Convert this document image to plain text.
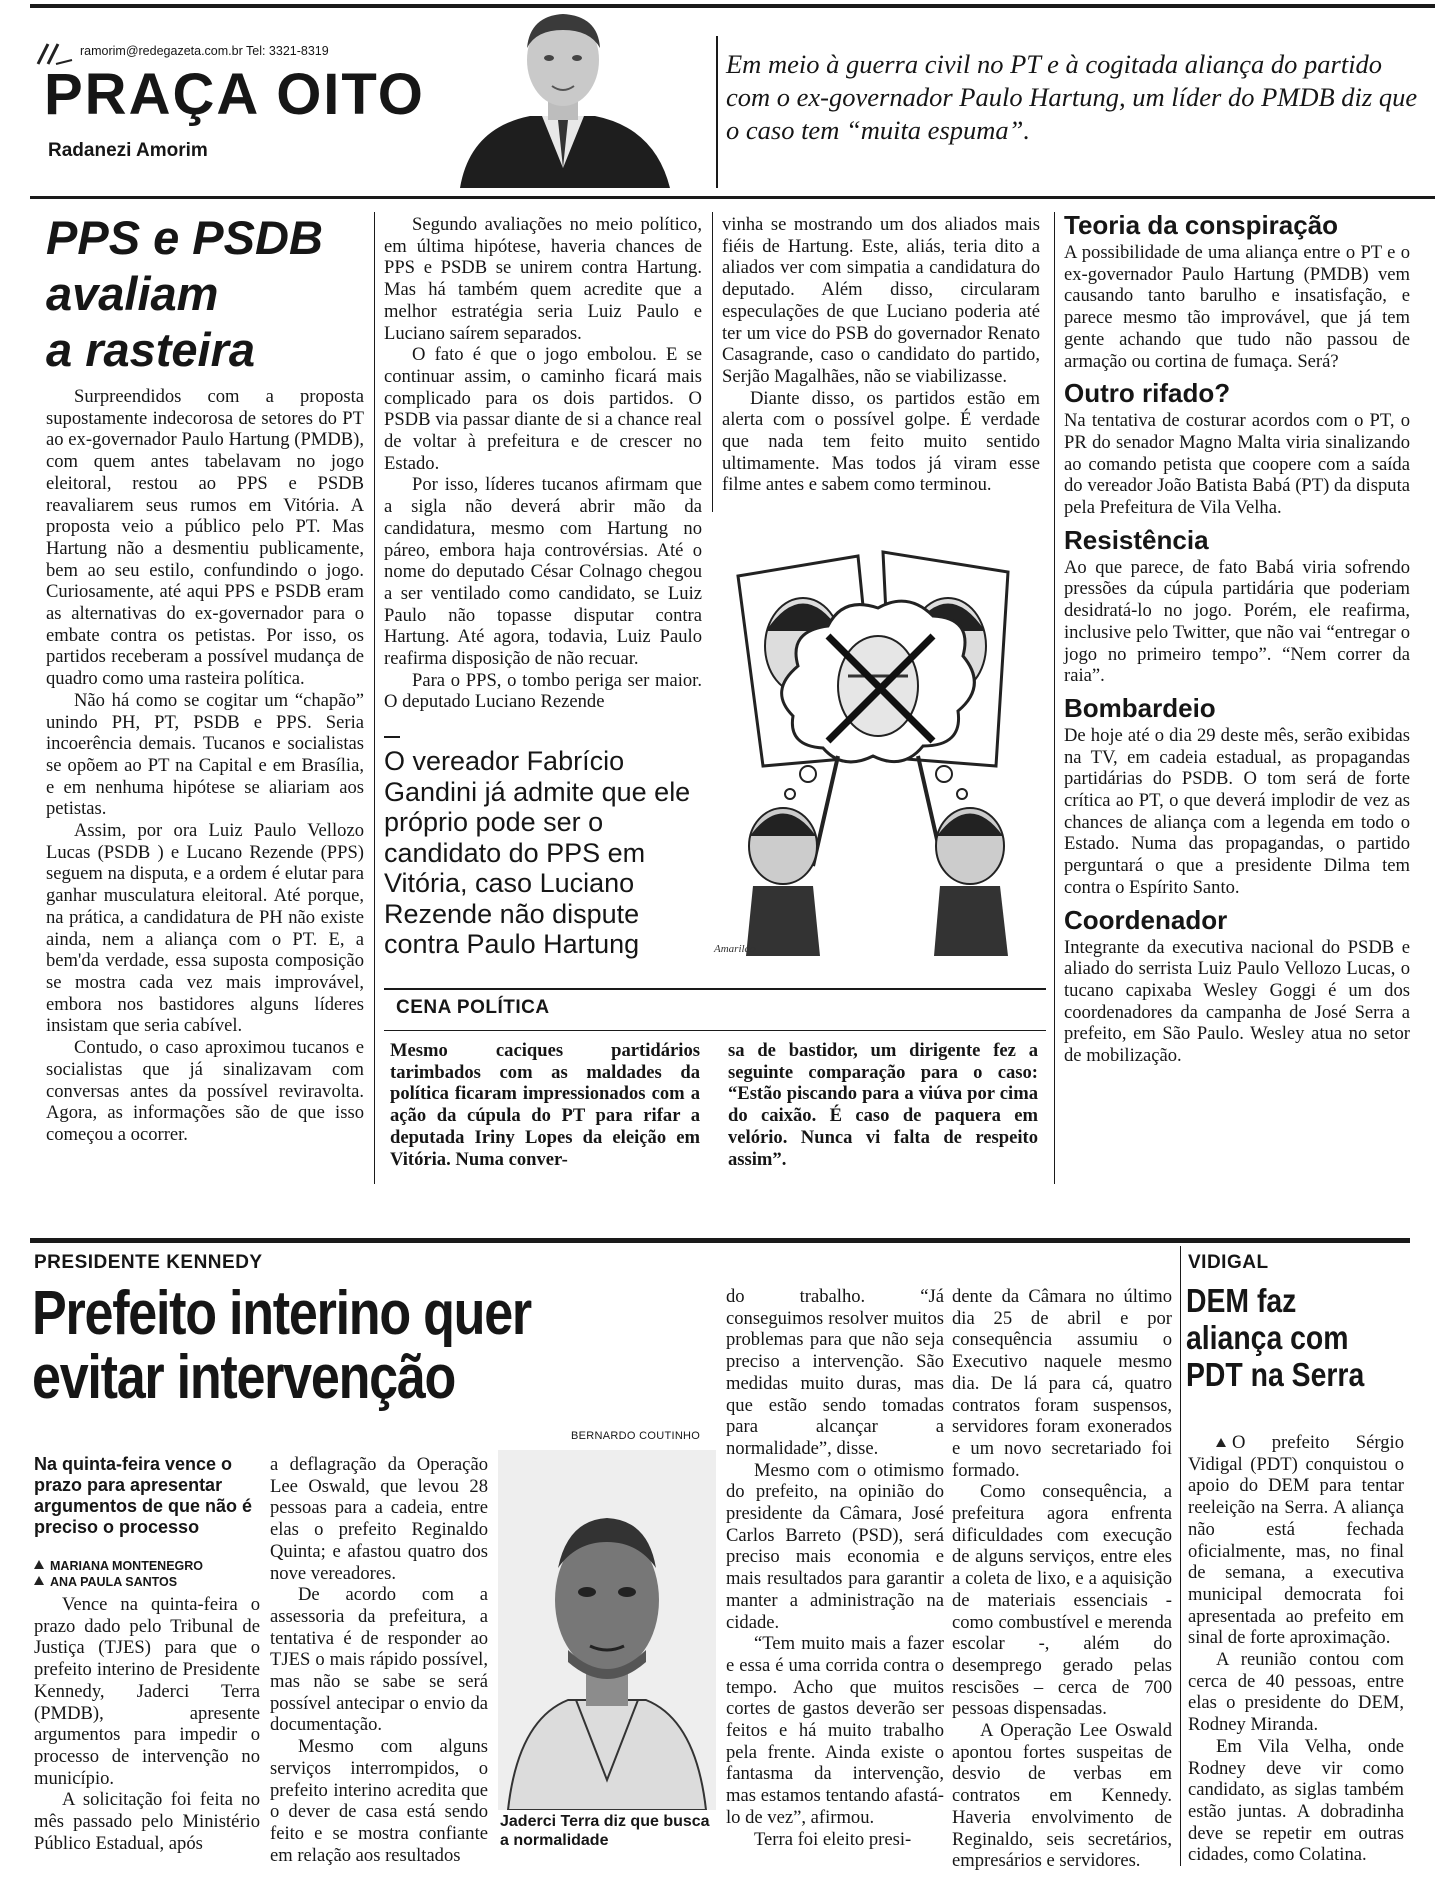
ramorim@redegazeta.com.br Tel: 3321-8319
PRAÇA OITO
Radanezi Amorim
Em meio à guerra civil no PT e à cogitada aliança do partido com o ex-governador Paulo Hartung, um líder do PMDB diz que o caso tem “muita espuma”.
PPS e PSDB
avaliam
a rasteira

Surpreendidos com a proposta supostamente indecorosa de setores do PT ao ex-governador Paulo Hartung (PMDB), com quem antes tabelavam no jogo eleitoral, restou ao PPS e PSDB reavaliarem seus rumos em Vitória. A proposta veio a público pelo PT. Mas Hartung não a desmentiu publicamente, bem ao seu estilo, confundindo o jogo. Curiosamente, até aqui PPS e PSDB eram as alternativas do ex-governador para o embate contra os petistas. Por isso, os partidos receberam a possível mudança de quadro como uma rasteira política.

Não há como se cogitar um “chapão” unindo PH, PT, PSDB e PPS. Seria incoerência demais. Tucanos e socialistas se opõem ao PT na Capital e em Brasília, e em nenhuma hipótese se aliariam aos petistas.

Assim, por ora Luiz Paulo Vellozo Lucas (PSDB ) e Lucano Rezende (PPS) seguem na disputa, e a ordem é elutar para ganhar musculatura eleitoral. Até porque, na prática, a candidatura de PH não existe ainda, nem a aliança com o PT. E, a bem'da verdade, essa suposta composição se mostra cada vez mais improvável, embora nos bastidores alguns líderes insistam que seria cabível.

Contudo, o caso aproximou tucanos e socialistas que já sinalizavam com conversas antes da possível reviravolta. Agora, as informações são de que isso começou a ocorrer.

Segundo avaliações no meio político, em última hipótese, haveria chances de PPS e PSDB se unirem contra Hartung. Mas há também quem acredite que a melhor estratégia seria Luiz Paulo e Luciano saírem separados.

O fato é que o jogo embolou. E se continuar assim, o caminho ficará mais complicado para os dois partidos. O PSDB via passar diante de si a chance real de voltar à prefeitura e de crescer no Estado.

Por isso, líderes tucanos afirmam que a sigla não deverá abrir mão da candidatura, mesmo com Hartung no páreo, embora haja controvérsias. Até o nome do deputado César Colnago chegou a ser ventilado como candidato, se Luiz Paulo não topasse disputar contra Hartung. Até agora, todavia, Luiz Paulo reafirma disposição de não recuar.

Para o PPS, o tombo periga ser maior. O deputado Luciano Rezende

vinha se mostrando um dos aliados mais fiéis de Hartung. Este, aliás, teria dito a aliados ver com simpatia a candidatura do deputado. Além disso, circularam especulações de que Luciano poderia até ter um vice do PSB do governador Renato Casagrande, caso o candidato do partido, Serjão Magalhães, não se viabilizasse.

Diante disso, os partidos estão em alerta com o possível golpe. É verdade que nada tem feito muito sentido ultimamente. Mas todos já viram esse filme antes e sabem como terminou.

O vereador Fabrício Gandini já admite que ele próprio pode ser o candidato do PPS em Vitória, caso Luciano Rezende não dispute contra Paulo Hartung	Amarildo
CENA POLÍTICA
Mesmo caciques partidários tarimbados com as maldades da política ficaram impressionados com a ação da cúpula do PT para rifar a deputada Iriny Lopes da eleição em Vitória. Numa conver-
sa de bastidor, um dirigente fez a seguinte comparação para o caso: “Estão piscando para a viúva por cima do caixão. É caso de paquera em velório. Nunca vi falta de respeito assim”.
Teoria da conspiração
A possibilidade de uma aliança entre o PT e o ex-governador Paulo Hartung (PMDB) vem causando tanto barulho e insatisfação, e parece mesmo tão improvável, que já tem gente achando que tudo não passou de armação ou cortina de fumaça. Será?
Outro rifado?
Na tentativa de costurar acordos com o PT, o PR do senador Magno Malta viria sinalizando ao comando petista que coopere com a saída do vereador João Batista Babá (PT) da disputa pela Prefeitura de Vila Velha.
Resistência
Ao que parece, de fato Babá viria sofrendo pressões da cúpula partidária que poderiam desidratá-lo no jogo. Porém, ele reafirma, inclusive pelo Twitter, que não vai “entregar o jogo no primeiro tempo”. “Nem correr da raia”.
Bombardeio
De hoje até o dia 29 deste mês, serão exibidas na TV, em cadeia estadual, as propagandas partidárias do PSDB. O tom será de forte crítica ao PT, o que deverá implodir de vez as chances de aliança com a legenda em todo o Estado. Numa das propagandas, o partido perguntará o que a presidente Dilma tem contra o Espírito Santo.
Coordenador
Integrante da executiva nacional do PSDB e aliado do serrista Luiz Paulo Vellozo Lucas, o tucano capixaba Wesley Goggi é um dos coordenadores da campanha de José Serra a prefeito, em São Paulo. Wesley atua no setor de mobilização.
PRESIDENTE KENNEDY
Prefeito interino quer
evitar intervenção
BERNARDO COUTINHO
Na quinta-feira vence o prazo para apresentar argumentos de que não é preciso o processo
MARIANA MONTENEGRO
ANA PAULA SANTOS

Vence na quinta-feira o prazo dado pelo Tribunal de Justiça (TJES) para que o prefeito interino de Presidente Kennedy, Jaderci Terra (PMDB), apresente argumentos para impedir o processo de intervenção no município.

A solicitação foi feita no mês passado pelo Ministério Público Estadual, após

a deflagração da Operação Lee Oswald, que levou 28 pessoas para a cadeia, entre elas o prefeito Reginaldo Quinta; e afastou quatro dos nove vereadores.

De acordo com a assessoria da prefeitura, a tentativa é de responder ao TJES o mais rápido possível, mas não se sabe se será possível antecipar o envio da documentação.

Mesmo com alguns serviços interrompidos, o prefeito interino acredita que o dever de casa está sendo feito e se mostra confiante em relação aos resultados

Jaderci Terra diz que busca a normalidade

do trabalho. “Já conseguimos resolver muitos problemas para que não seja preciso a intervenção. São medidas muito duras, mas que estão sendo tomadas para alcançar a normalidade”, disse.

Mesmo com o otimismo do prefeito, na opinião do presidente da Câmara, José Carlos Barreto (PSD), será preciso mais economia e mais resultados para garantir manter a administração na cidade.

“Tem muito mais a fazer e essa é uma corrida contra o tempo. Acho que muitos cortes de gastos deverão ser feitos e há muito trabalho pela frente. Ainda existe o fantasma da intervenção, mas estamos tentando afastá-lo de vez”, afirmou.

Terra foi eleito presi-

dente da Câmara no último dia 25 de abril e por consequência assumiu o Executivo naquele mesmo dia. De lá para cá, quatro contratos foram suspensos, servidores foram exonerados e um novo secretariado foi formado.

Como consequência, a prefeitura agora enfrenta dificuldades com execução de alguns serviços, entre eles a coleta de lixo, e a aquisição de materiais essenciais - como combustível e merenda escolar -, além do desemprego gerado pelas rescisões – cerca de 700 pessoas dispensadas.

A Operação Lee Oswald apontou fortes suspeitas de desvio de verbas em contratos em Kennedy. Haveria envolvimento de Reginaldo, seis secretários, empresários e servidores.

VIDIGAL
DEM faz
aliança com
PDT na Serra

O prefeito Sérgio Vidigal (PDT) conquistou o apoio do DEM para tentar reeleição na Serra. A aliança não está fechada oficialmente, mas, no final de semana, a executiva municipal democrata foi apresentada ao prefeito em sinal de forte aproximação.

A reunião contou com cerca de 40 pessoas, entre elas o presidente do DEM, Rodney Miranda.

Em Vila Velha, onde Rodney deve vir como candidato, as siglas também estão juntas. A dobradinha deve se repetir em outras cidades, como Colatina.
